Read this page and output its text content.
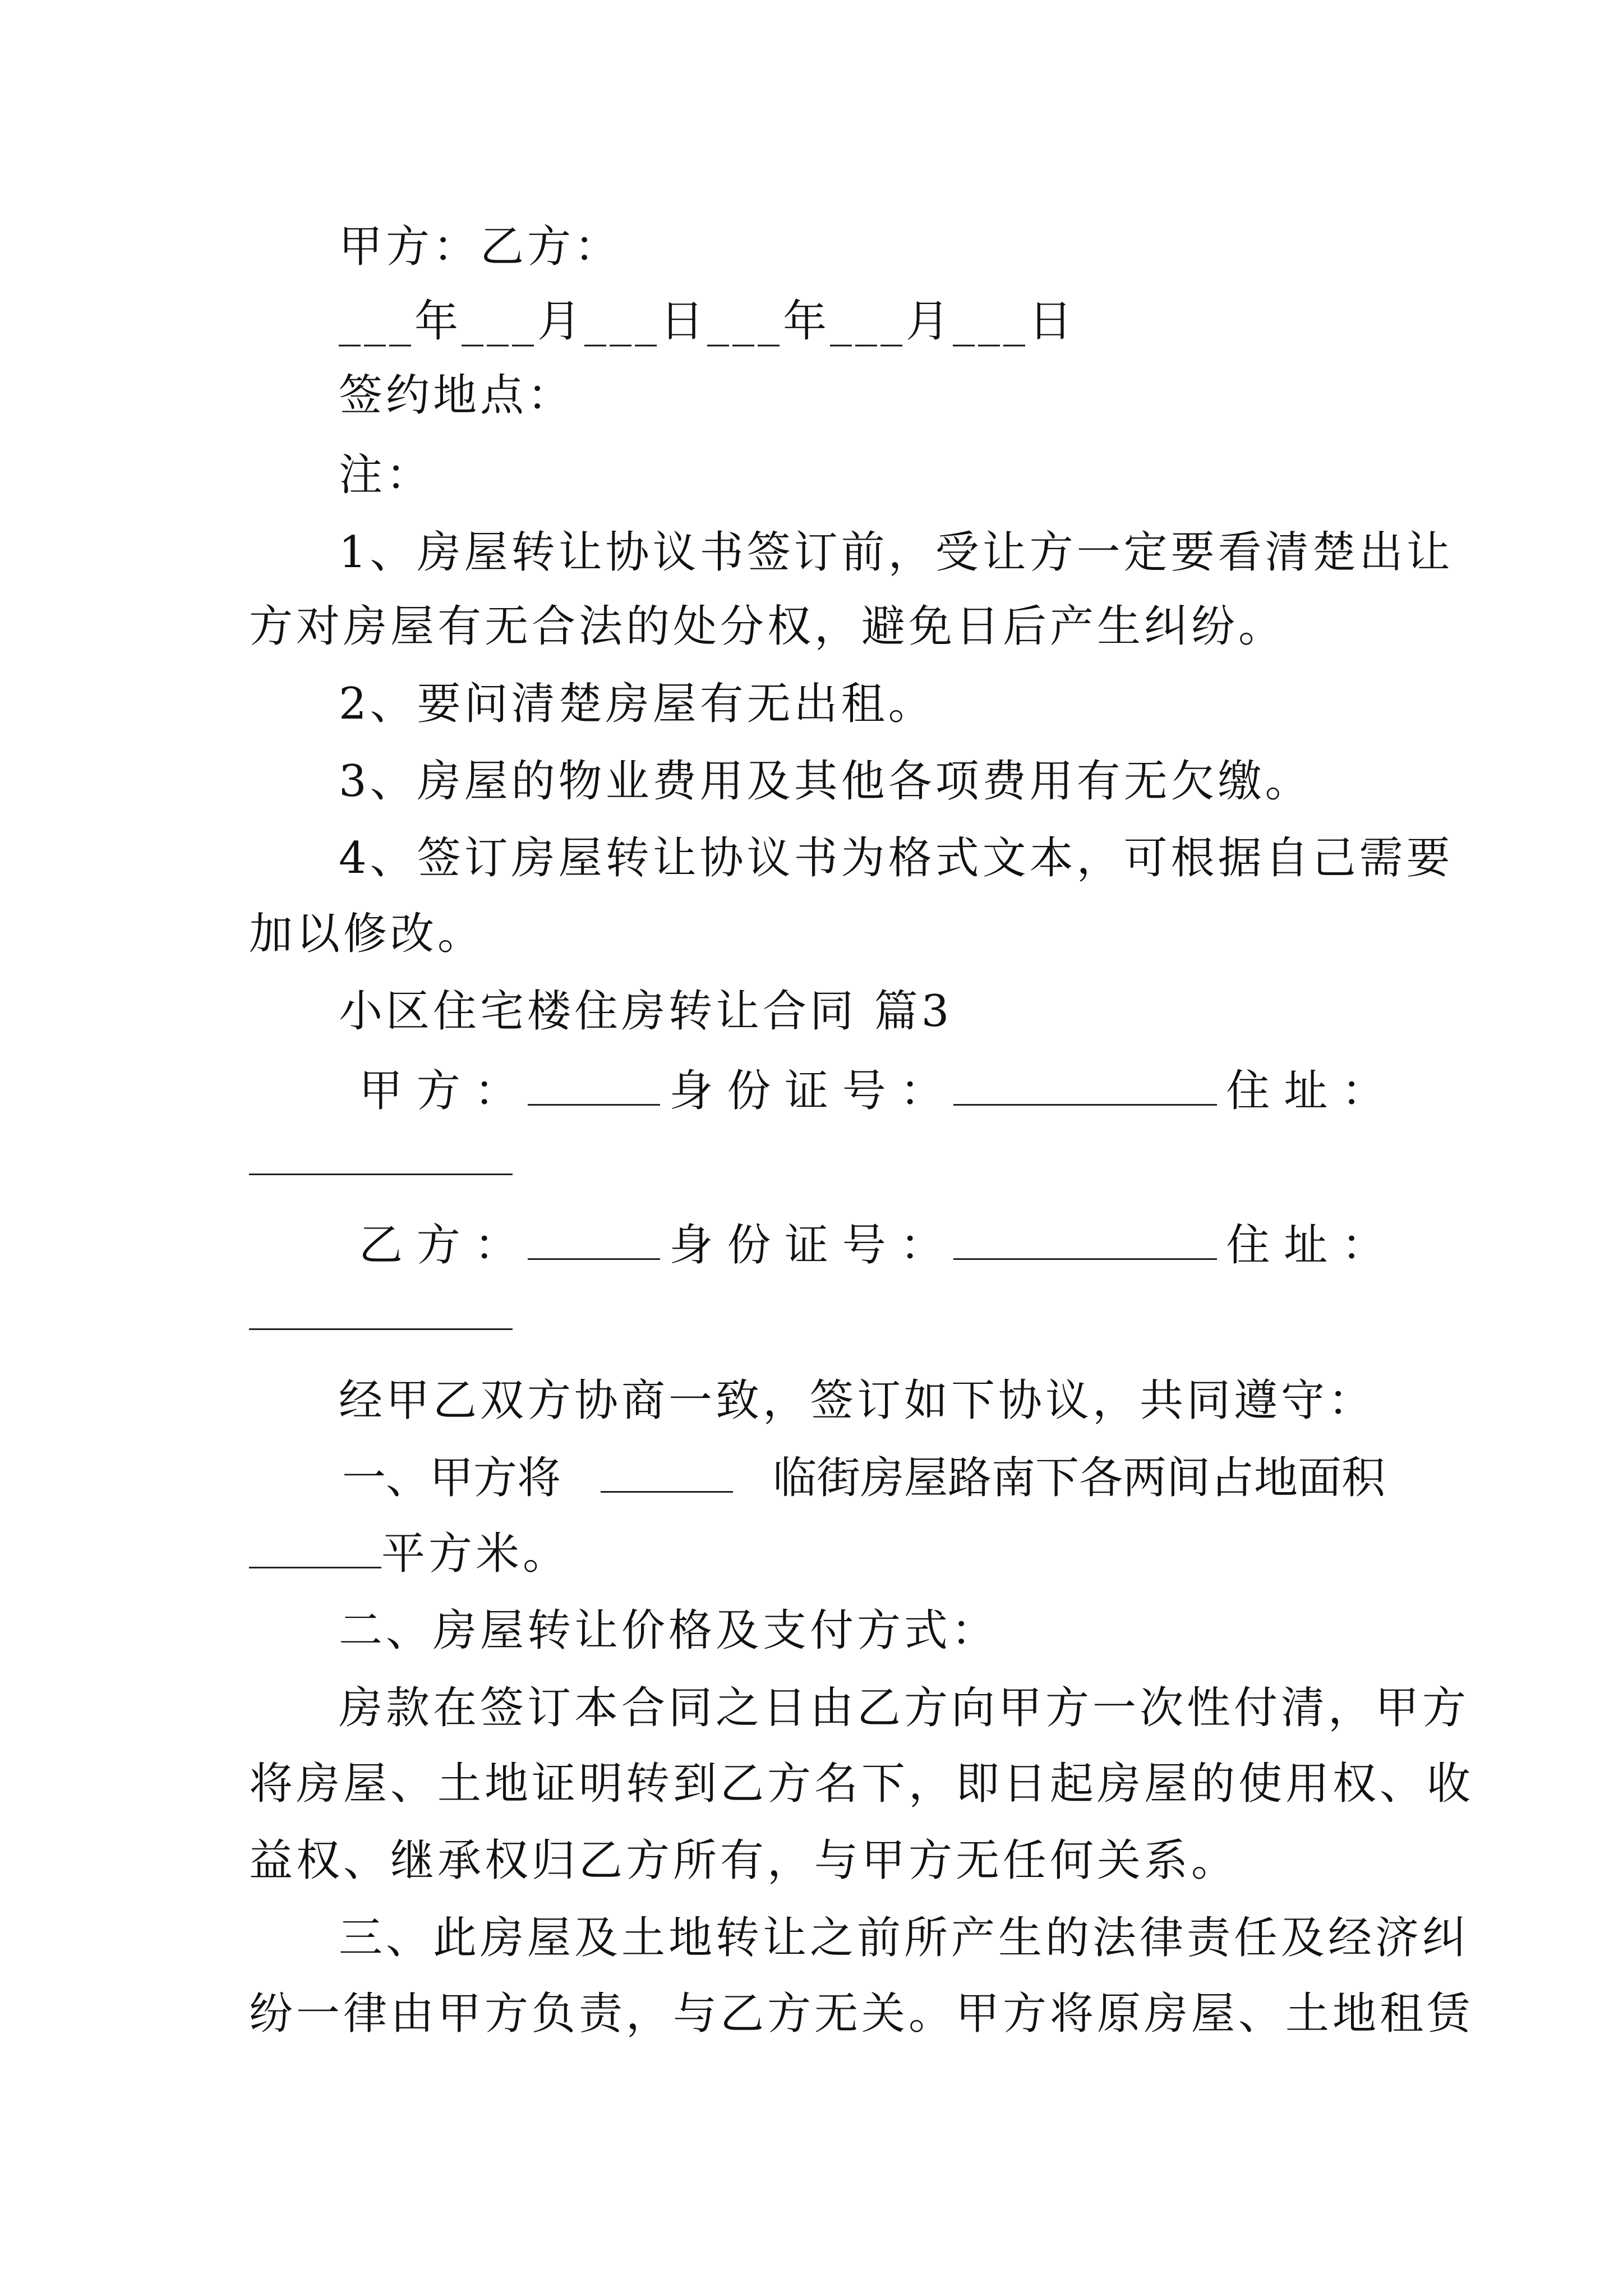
甲方：乙方：
___年___月___日___年___月___日
签约地点：
注：
1、房屋转让协议书签订前，受让方一定要看清楚出让
方对房屋有无合法的处分权，避免日后产生纠纷。
2、要问清楚房屋有无出租。
3、房屋的物业费用及其他各项费用有无欠缴。
4、签订房屋转让协议书为格式文本，可根据自己需要
加以修改。
小区住宅楼住房转让合同 篇3
甲 方 ：	身 份 证 号 ：	住 址 ：
乙 方 ：	身 份 证 号 ：	住 址 ：
经甲乙双方协商一致，签订如下协议，共同遵守：
一、甲方将	临街房屋路南下各两间占地面积
平方米。
二、房屋转让价格及支付方式：
房款在签订本合同之日由乙方向甲方一次性付清，甲方
将房屋、土地证明转到乙方名下，即日起房屋的使用权、收
益权、继承权归乙方所有，与甲方无任何关系。
三、此房屋及土地转让之前所产生的法律责任及经济纠
纷一律由甲方负责，与乙方无关。甲方将原房屋、土地租赁
